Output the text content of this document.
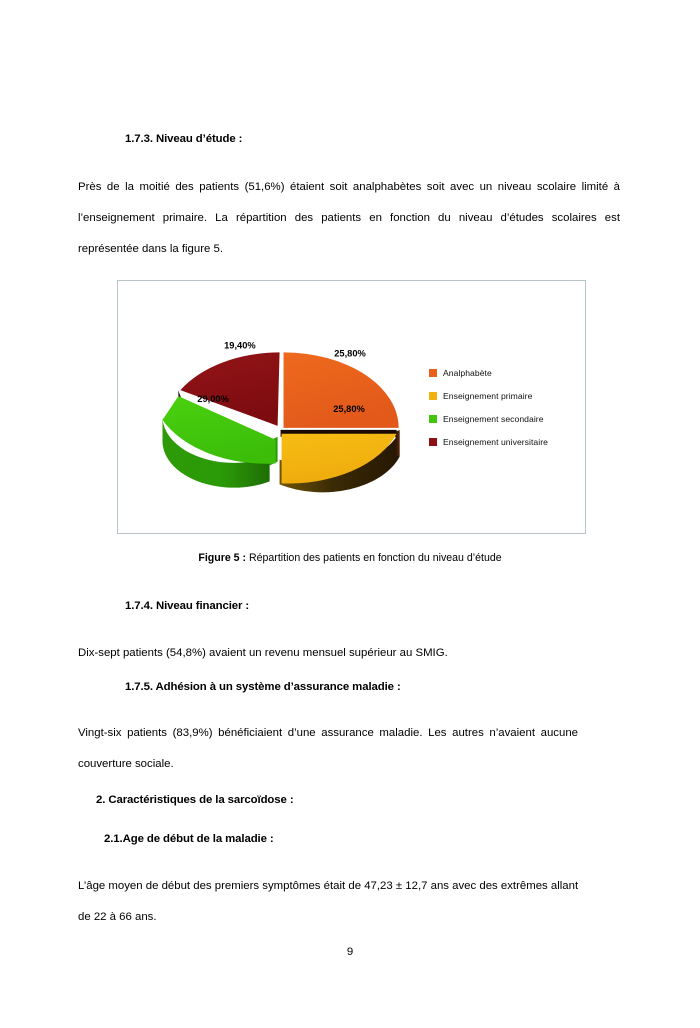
1.7.3. Niveau d’étude :
Près de la moitié des patients (51,6%) étaient soit analphabètes soit avec un niveau scolaire limité à l’enseignement primaire. La répartition des patients en fonction du niveau d’études scolaires est représentée dans la figure 5.
25,80%
25,80%
29,00%
19,40%
Analphabète
Enseignement primaire
Enseignement secondaire
Enseignement universitaire
Figure 5 : Répartition des patients en fonction du niveau d’étude
1.7.4. Niveau financier :
Dix-sept patients (54,8%) avaient un revenu mensuel supérieur au SMIG.
1.7.5. Adhésion à un système d’assurance maladie :
Vingt-six patients (83,9%) bénéficiaient d’une assurance maladie. Les autres n’avaient aucune couverture sociale.
2. Caractéristiques de la sarcoïdose :
2.1.Age de début de la maladie :
L’âge moyen de début des premiers symptômes était de 47,23 ± 12,7 ans avec des extrêmes allant de 22 à 66 ans.
9
